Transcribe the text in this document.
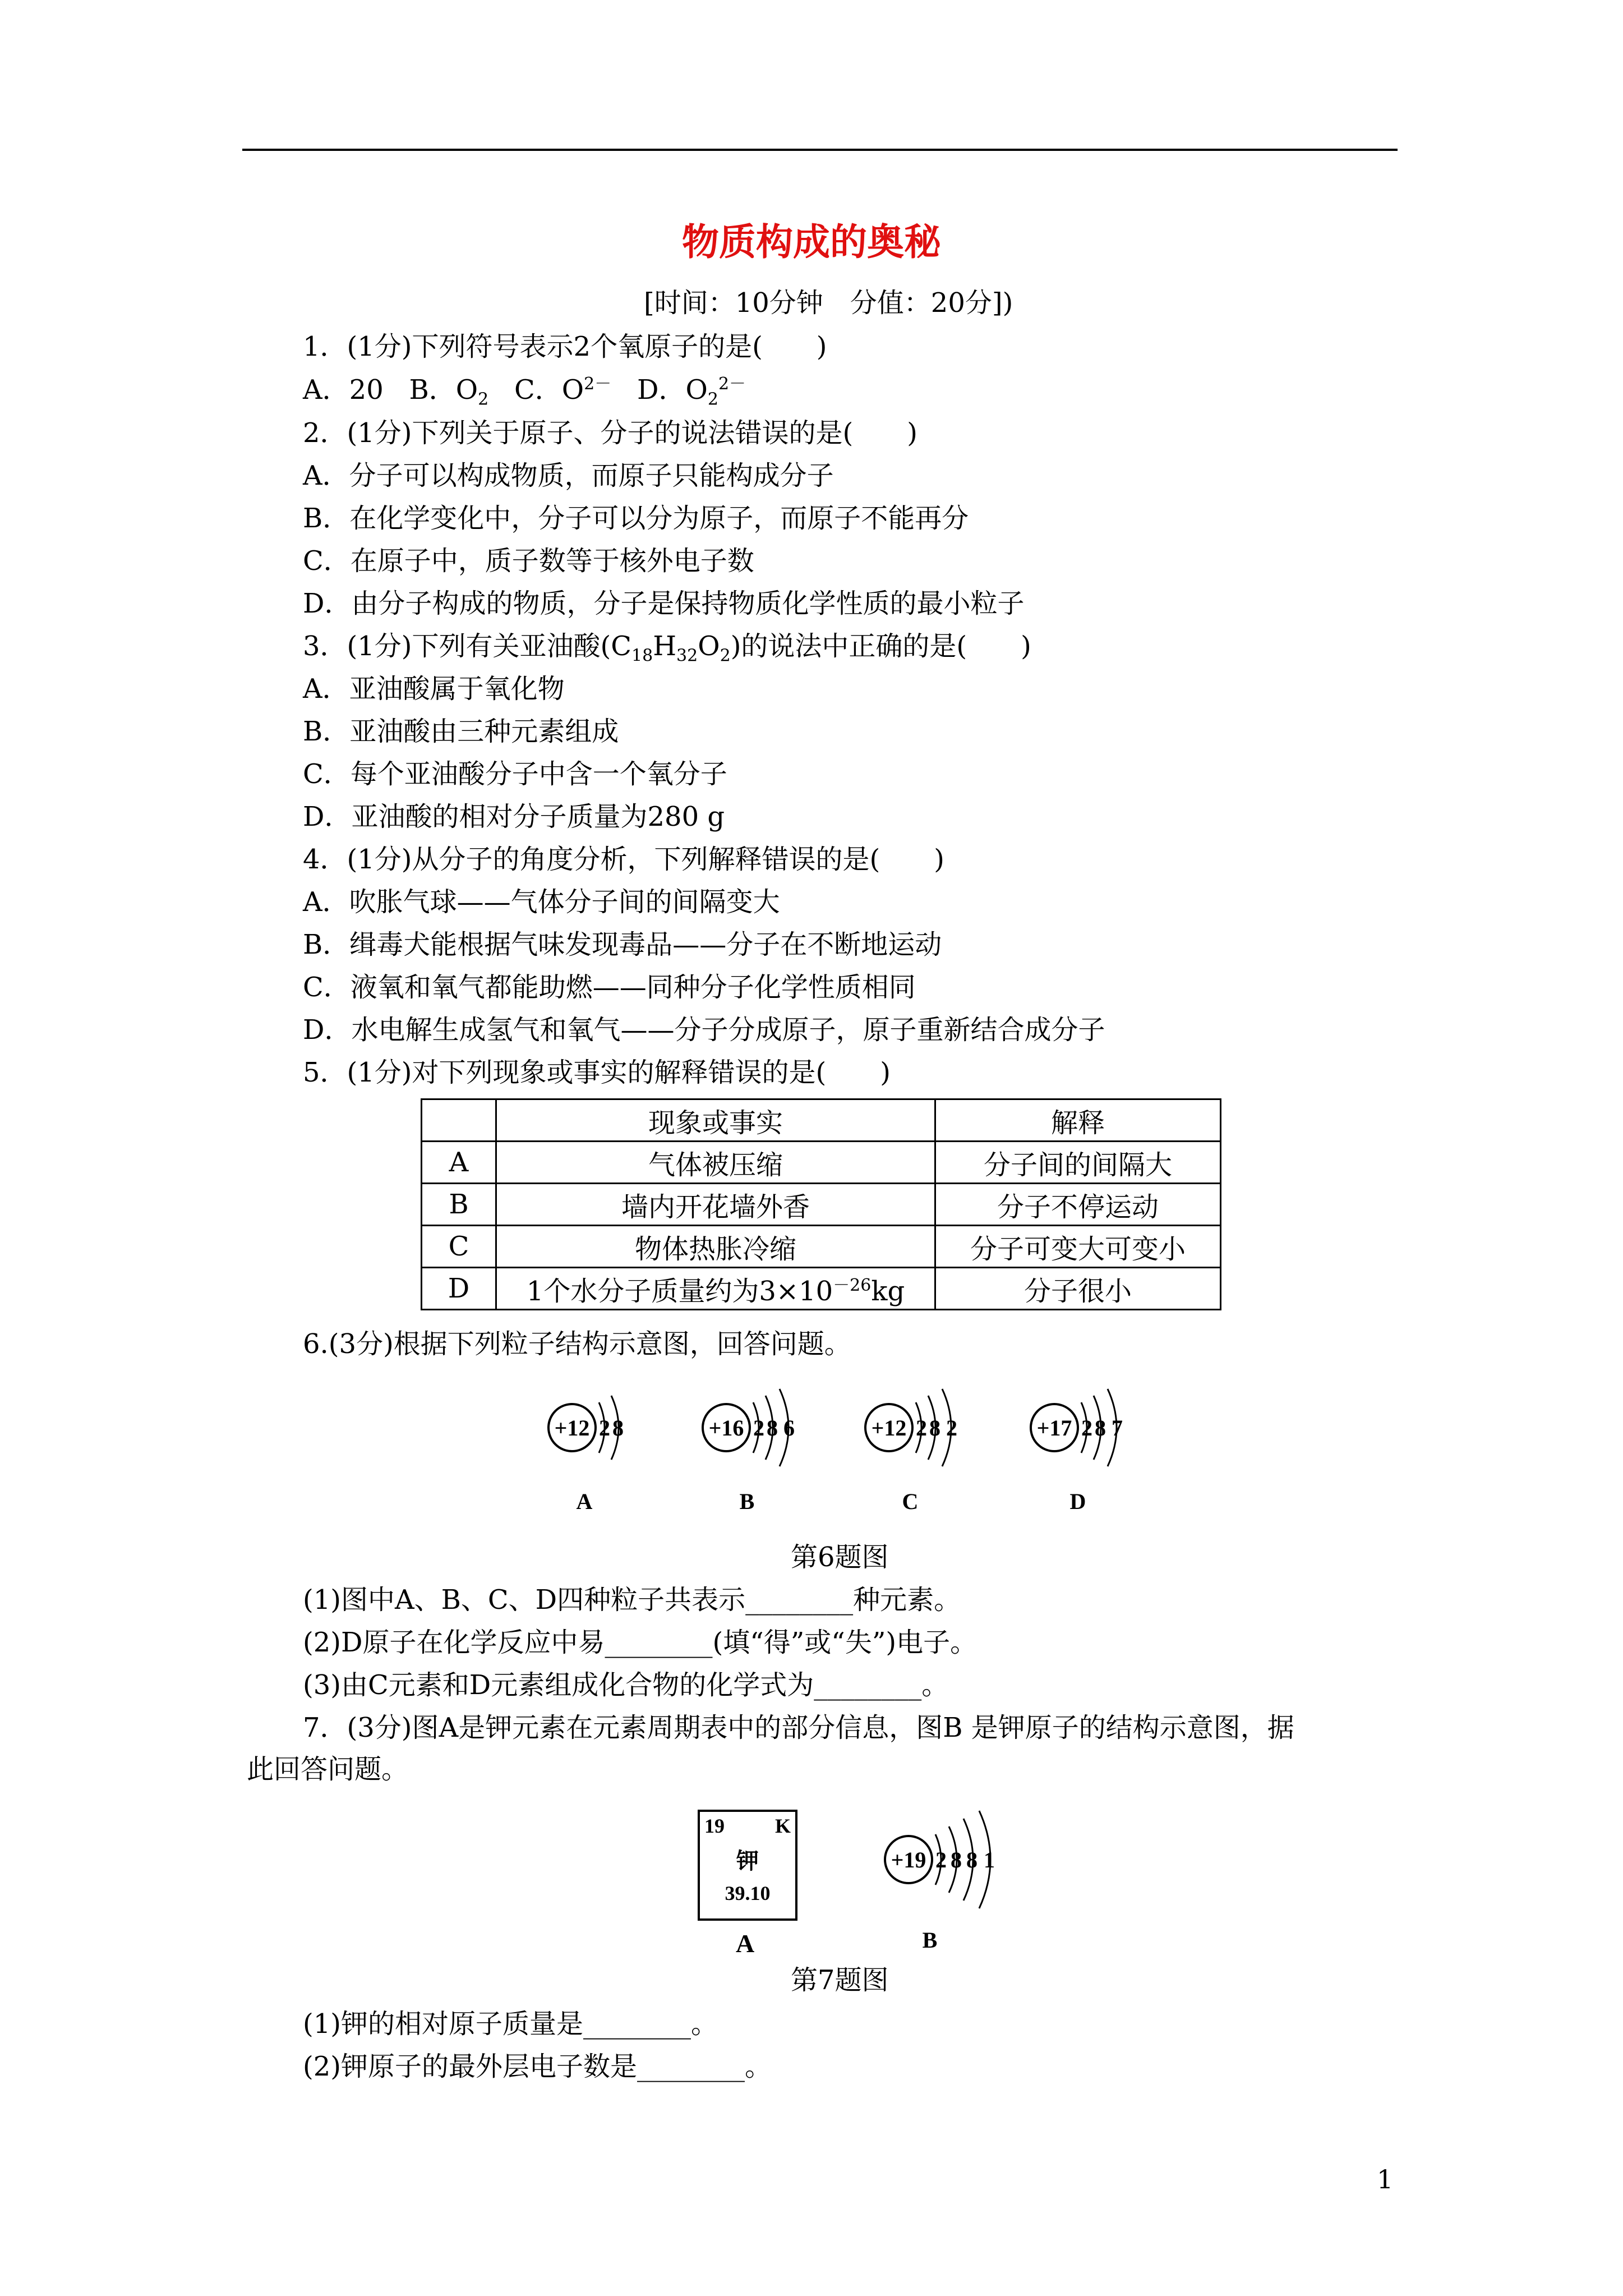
物质构成的奥秘
[时间：10分钟　分值：20分])
1．(1分)下列符号表示2个氧原子的是(　　)
A．20 B．$O_2$ C．$O^{2-}$ D．$O_2^{2-}$
2．(1分)下列关于原子、分子的说法错误的是(　　)
A．分子可以构成物质，而原子只能构成分子
B．在化学变化中，分子可以分为原子，而原子不能再分
C．在原子中，质子数等于核外电子数
D．由分子构成的物质，分子是保持物质化学性质的最小粒子
3．(1分)下列有关亚油酸$(C_{18}H_{32}O_2)$的说法中正确的是(　　)
A．亚油酸属于氧化物
B．亚油酸由三种元素组成
C．每个亚油酸分子中含一个氧分子
D．亚油酸的相对分子质量为280 g
4．(1分)从分子的角度分析，下列解释错误的是(　　)
A．吹胀气球——气体分子间的间隔变大
B．缉毒犬能根据气味发现毒品——分子在不断地运动
C．液氧和氧气都能助燃——同种分子化学性质相同
D．水电解生成氢气和氧气——分子分成原子，原子重新结合成分子
5．(1分)对下列现象或事实的解释错误的是(　　)
	现象或事实	解释
A	气体被压缩	分子间的间隔大
B	墙内开花墙外香	分子不停运动
C	物体热胀冷缩	分子可变大可变小
D	1个水分子质量约为$3\times 10^{-26}kg$	分子很小
6.(3分)根据下列粒子结构示意图，回答问题。
+12 2 8
A
+16 2 8 6
B
+12 2 8 2
C
+17 2 8 7
D
第6题图
(1)图中A、B、C、D四种粒子共表示________种元素。
(2)D原子在化学反应中易________(填“得”或“失”)电子。
(3)由C元素和D元素组成化合物的化学式为________。
7．(3分)图A是钾元素在元素周期表中的部分信息，图B 是钾原子的结构示意图，据
此回答问题。
19 K
钾
39.10
A
+19 2 8 8 1
B
第7题图
(1)钾的相对原子质量是________。
(2)钾原子的最外层电子数是________。
1
